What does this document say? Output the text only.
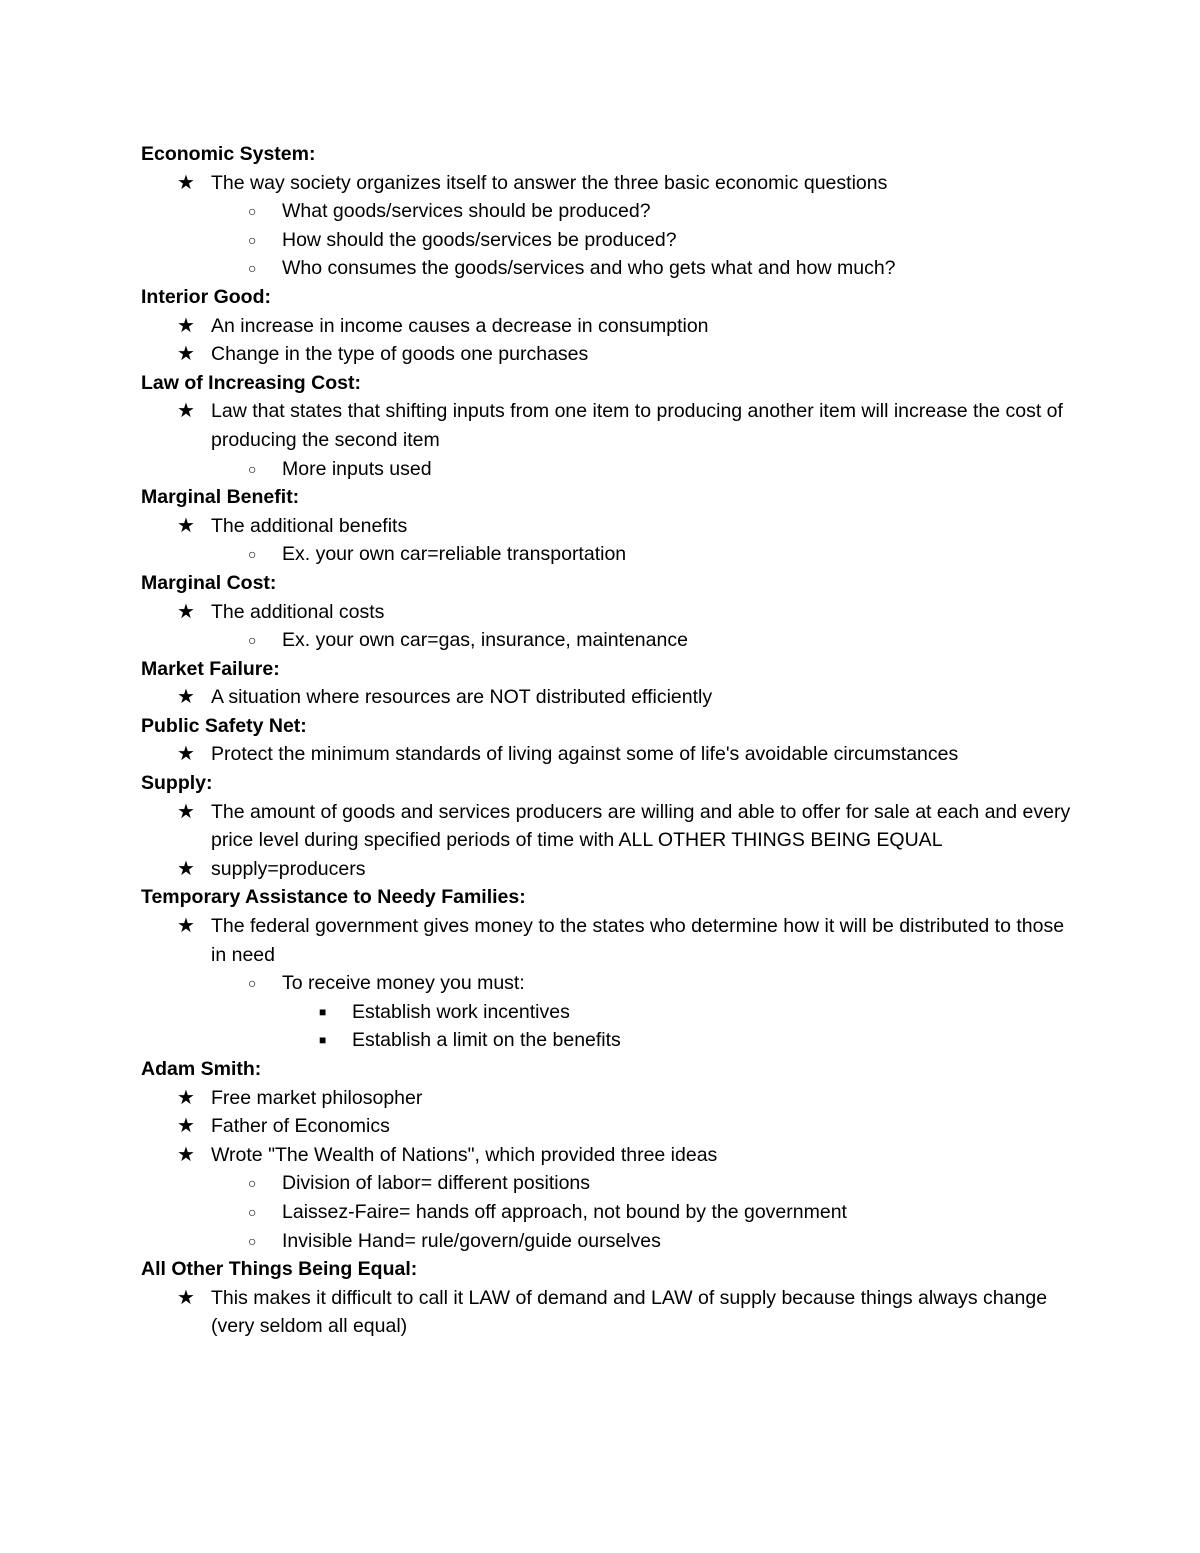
Economic System:
★ The way society organizes itself to answer the three basic economic questions
○ What goods/services should be produced?
○ How should the goods/services be produced?
○ Who consumes the goods/services and who gets what and how much?
Interior Good:
★ An increase in income causes a decrease in consumption
★ Change in the type of goods one purchases
Law of Increasing Cost:
★ Law that states that shifting inputs from one item to producing another item will increase the cost of producing the second item
○ More inputs used
Marginal Benefit:
★ The additional benefits
○ Ex. your own car=reliable transportation
Marginal Cost:
★ The additional costs
○ Ex. your own car=gas, insurance, maintenance
Market Failure:
★ A situation where resources are NOT distributed efficiently
Public Safety Net:
★ Protect the minimum standards of living against some of life's avoidable circumstances
Supply:
★ The amount of goods and services producers are willing and able to offer for sale at each and every price level during specified periods of time with ALL OTHER THINGS BEING EQUAL
★ supply=producers
Temporary Assistance to Needy Families:
★ The federal government gives money to the states who determine how it will be distributed to those in need
○ To receive money you must:
■ Establish work incentives
■ Establish a limit on the benefits
Adam Smith:
★ Free market philosopher
★ Father of Economics
★ Wrote "The Wealth of Nations", which provided three ideas
○ Division of labor= different positions
○ Laissez-Faire= hands off approach, not bound by the government
○ Invisible Hand= rule/govern/guide ourselves
All Other Things Being Equal:
★ This makes it difficult to call it LAW of demand and LAW of supply because things always change (very seldom all equal)
